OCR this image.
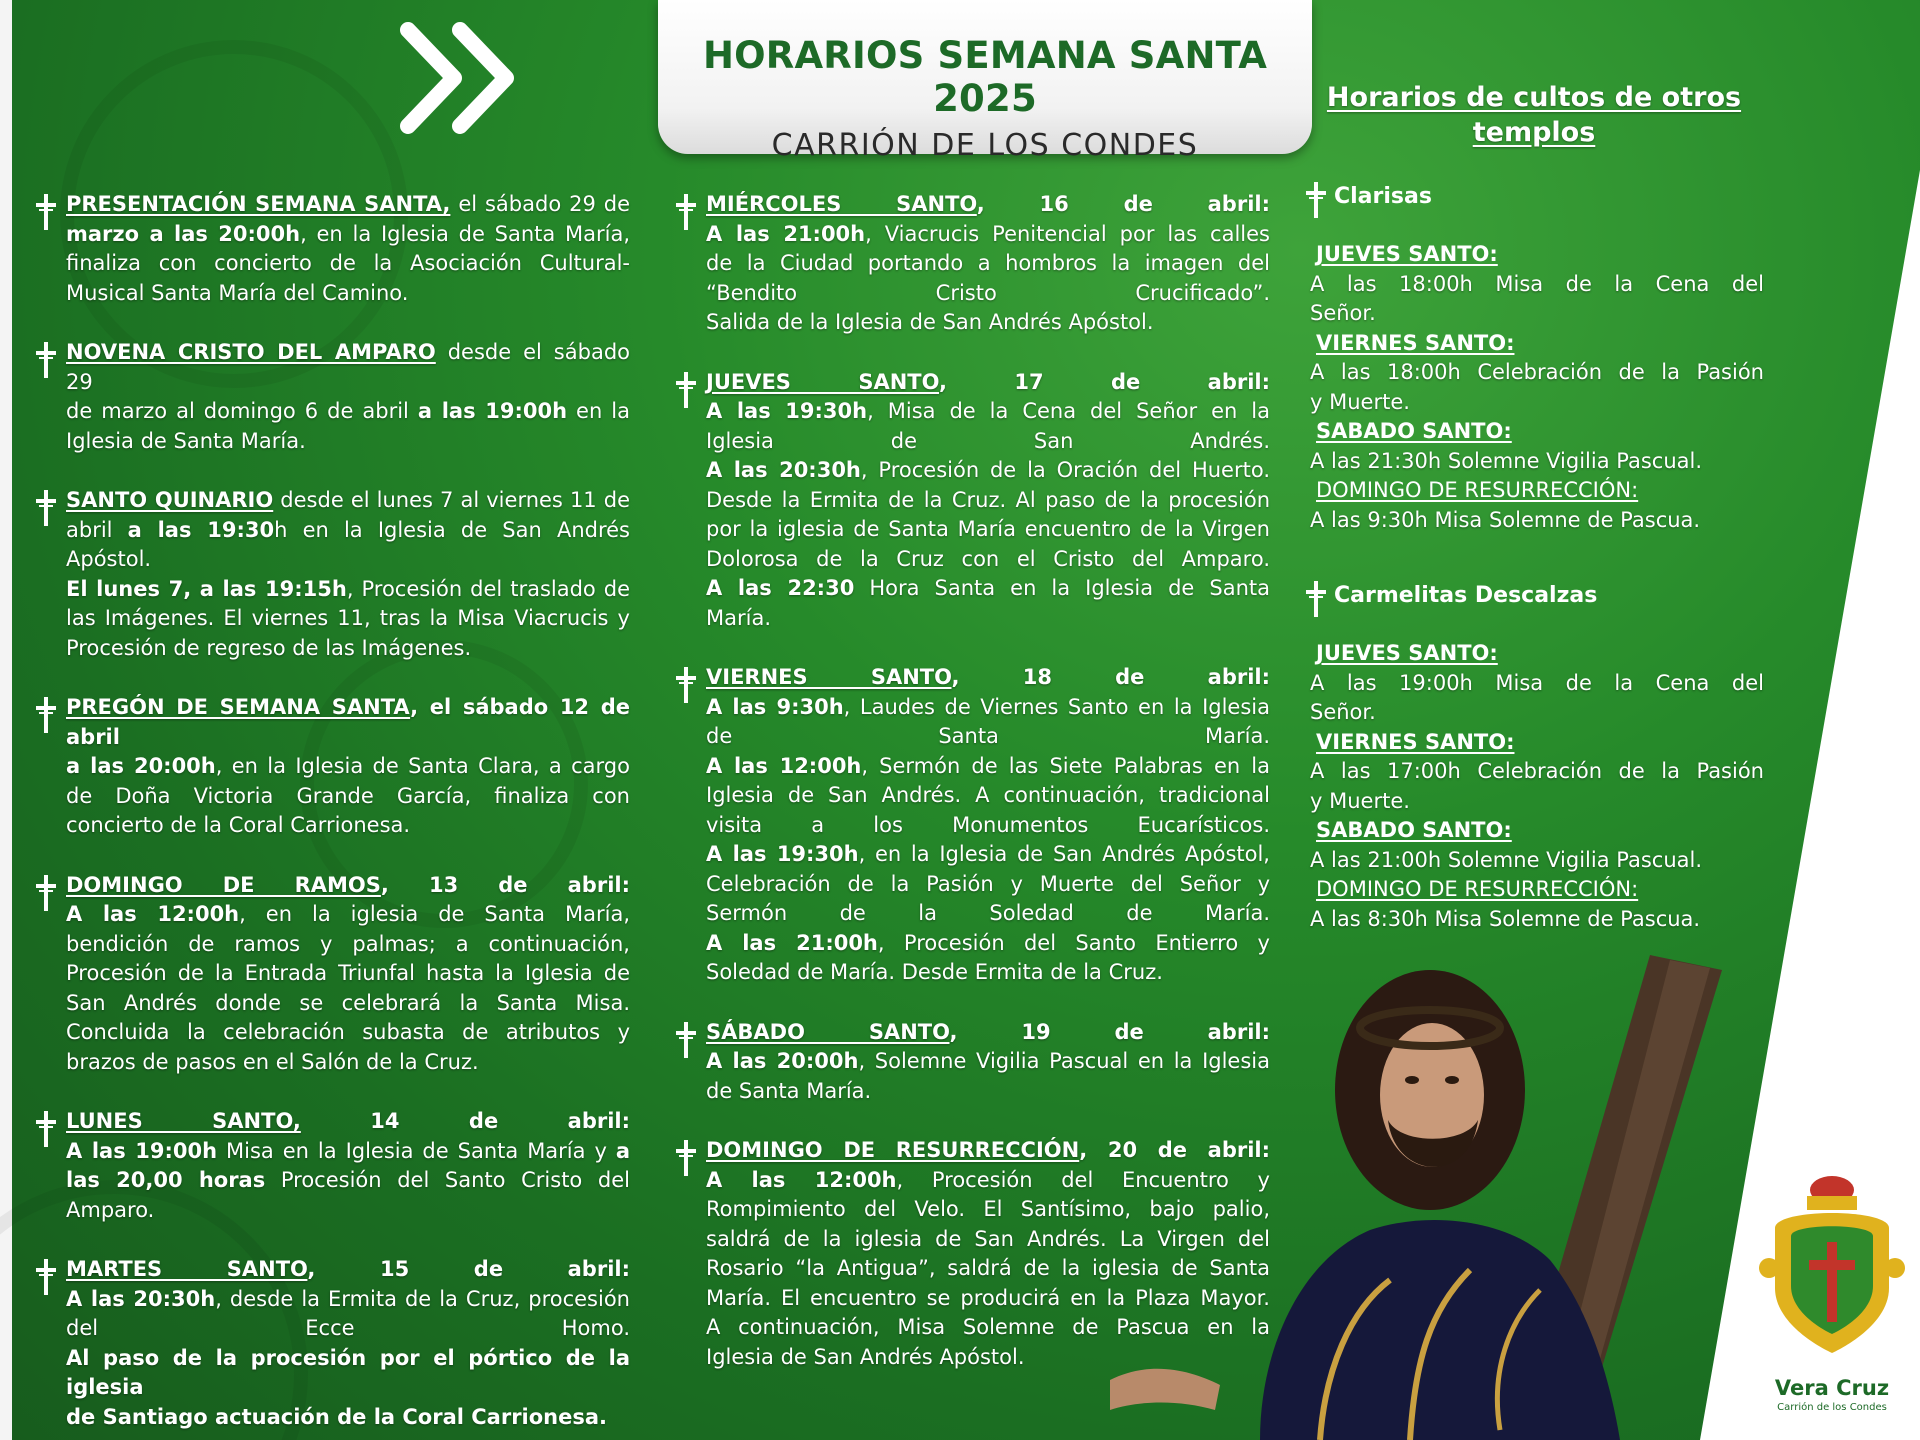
HORARIOS SEMANA SANTA 2025
CARRIÓN DE LOS CONDES

PRESENTACIÓN SEMANA SANTA, el sábado 29 de

marzo a las 20:00h, en la Iglesia de Santa María,

finaliza con concierto de la Asociación Cultural-

Musical Santa María del Camino.

NOVENA CRISTO DEL AMPARO desde el sábado 29

de marzo al domingo 6 de abril a las 19:00h en la

Iglesia de Santa María.

SANTO QUINARIO desde el lunes 7 al viernes 11 de

abril a las 19:30h en la Iglesia de San Andrés

Apóstol.

El lunes 7, a las 19:15h, Procesión del traslado de

las Imágenes. El viernes 11, tras la Misa Viacrucis y

Procesión de regreso de las Imágenes.

PREGÓN DE SEMANA SANTA, el sábado 12 de abril

a las 20:00h, en la Iglesia de Santa Clara, a cargo

de Doña Victoria Grande García, finaliza con

concierto de la Coral Carrionesa.

DOMINGO DE RAMOS, 13 de abril:

A las 12:00h, en la iglesia de Santa María,

bendición de ramos y palmas; a continuación,

Procesión de la Entrada Triunfal hasta la Iglesia de

San Andrés donde se celebrará la Santa Misa.

Concluida la celebración subasta de atributos y

brazos de pasos en el Salón de la Cruz.

LUNES SANTO, 14 de abril:

A las 19:00h Misa en la Iglesia de Santa María y a

las 20,00 horas Procesión del Santo Cristo del

Amparo.

MARTES SANTO, 15 de abril:

A las 20:30h, desde la Ermita de la Cruz, procesión

del Ecce Homo.

Al paso de la procesión por el pórtico de la iglesia

de Santiago actuación de la Coral Carrionesa.

MIÉRCOLES SANTO, 16 de abril:

A las 21:00h, Viacrucis Penitencial por las calles

de la Ciudad portando a hombros la imagen del

“Bendito Cristo Crucificado”.

Salida de la Iglesia de San Andrés Apóstol.

JUEVES SANTO, 17 de abril:

A las 19:30h, Misa de la Cena del Señor en la

Iglesia de San Andrés.

A las 20:30h, Procesión de la Oración del Huerto.

Desde la Ermita de la Cruz. Al paso de la procesión

por la iglesia de Santa María encuentro de la Virgen

Dolorosa de la Cruz con el Cristo del Amparo.

A las 22:30 Hora Santa en la Iglesia de Santa

María.

VIERNES SANTO, 18 de abril:

A las 9:30h, Laudes de Viernes Santo en la Iglesia

de Santa María.

A las 12:00h, Sermón de las Siete Palabras en la

Iglesia de San Andrés. A continuación, tradicional

visita a los Monumentos Eucarísticos.

A las 19:30h, en la Iglesia de San Andrés Apóstol,

Celebración de la Pasión y Muerte del Señor y

Sermón de la Soledad de María.

A las 21:00h, Procesión del Santo Entierro y

Soledad de María. Desde Ermita de la Cruz.

SÁBADO SANTO, 19 de abril:

A las 20:00h, Solemne Vigilia Pascual en la Iglesia

de Santa María.

DOMINGO DE RESURRECCIÓN, 20 de abril:

A las 12:00h, Procesión del Encuentro y

Rompimiento del Velo. El Santísimo, bajo palio,

saldrá de la iglesia de San Andrés. La Virgen del

Rosario “la Antigua”, saldrá de la iglesia de Santa

María. El encuentro se producirá en la Plaza Mayor.

A continuación, Misa Solemne de Pascua en la

Iglesia de San Andrés Apóstol.

Horarios de cultos de otros
templos
Clarisas
JUEVES SANTO:
A las 18:00h Misa de la Cena del
Señor.
VIERNES SANTO:
A las 18:00h Celebración de la Pasión
y Muerte.
SABADO SANTO:
A las 21:30h Solemne Vigilia Pascual.
DOMINGO DE RESURRECCIÓN:
A las 9:30h Misa Solemne de Pascua.
Carmelitas Descalzas
JUEVES SANTO:
A las 19:00h Misa de la Cena del
Señor.
VIERNES SANTO:
A las 17:00h Celebración de la Pasión
y Muerte.
SABADO SANTO:
A las 21:00h Solemne Vigilia Pascual.
DOMINGO DE RESURRECCIÓN:
A las 8:30h Misa Solemne de Pascua.
Vera Cruz
Carrión de los Condes
